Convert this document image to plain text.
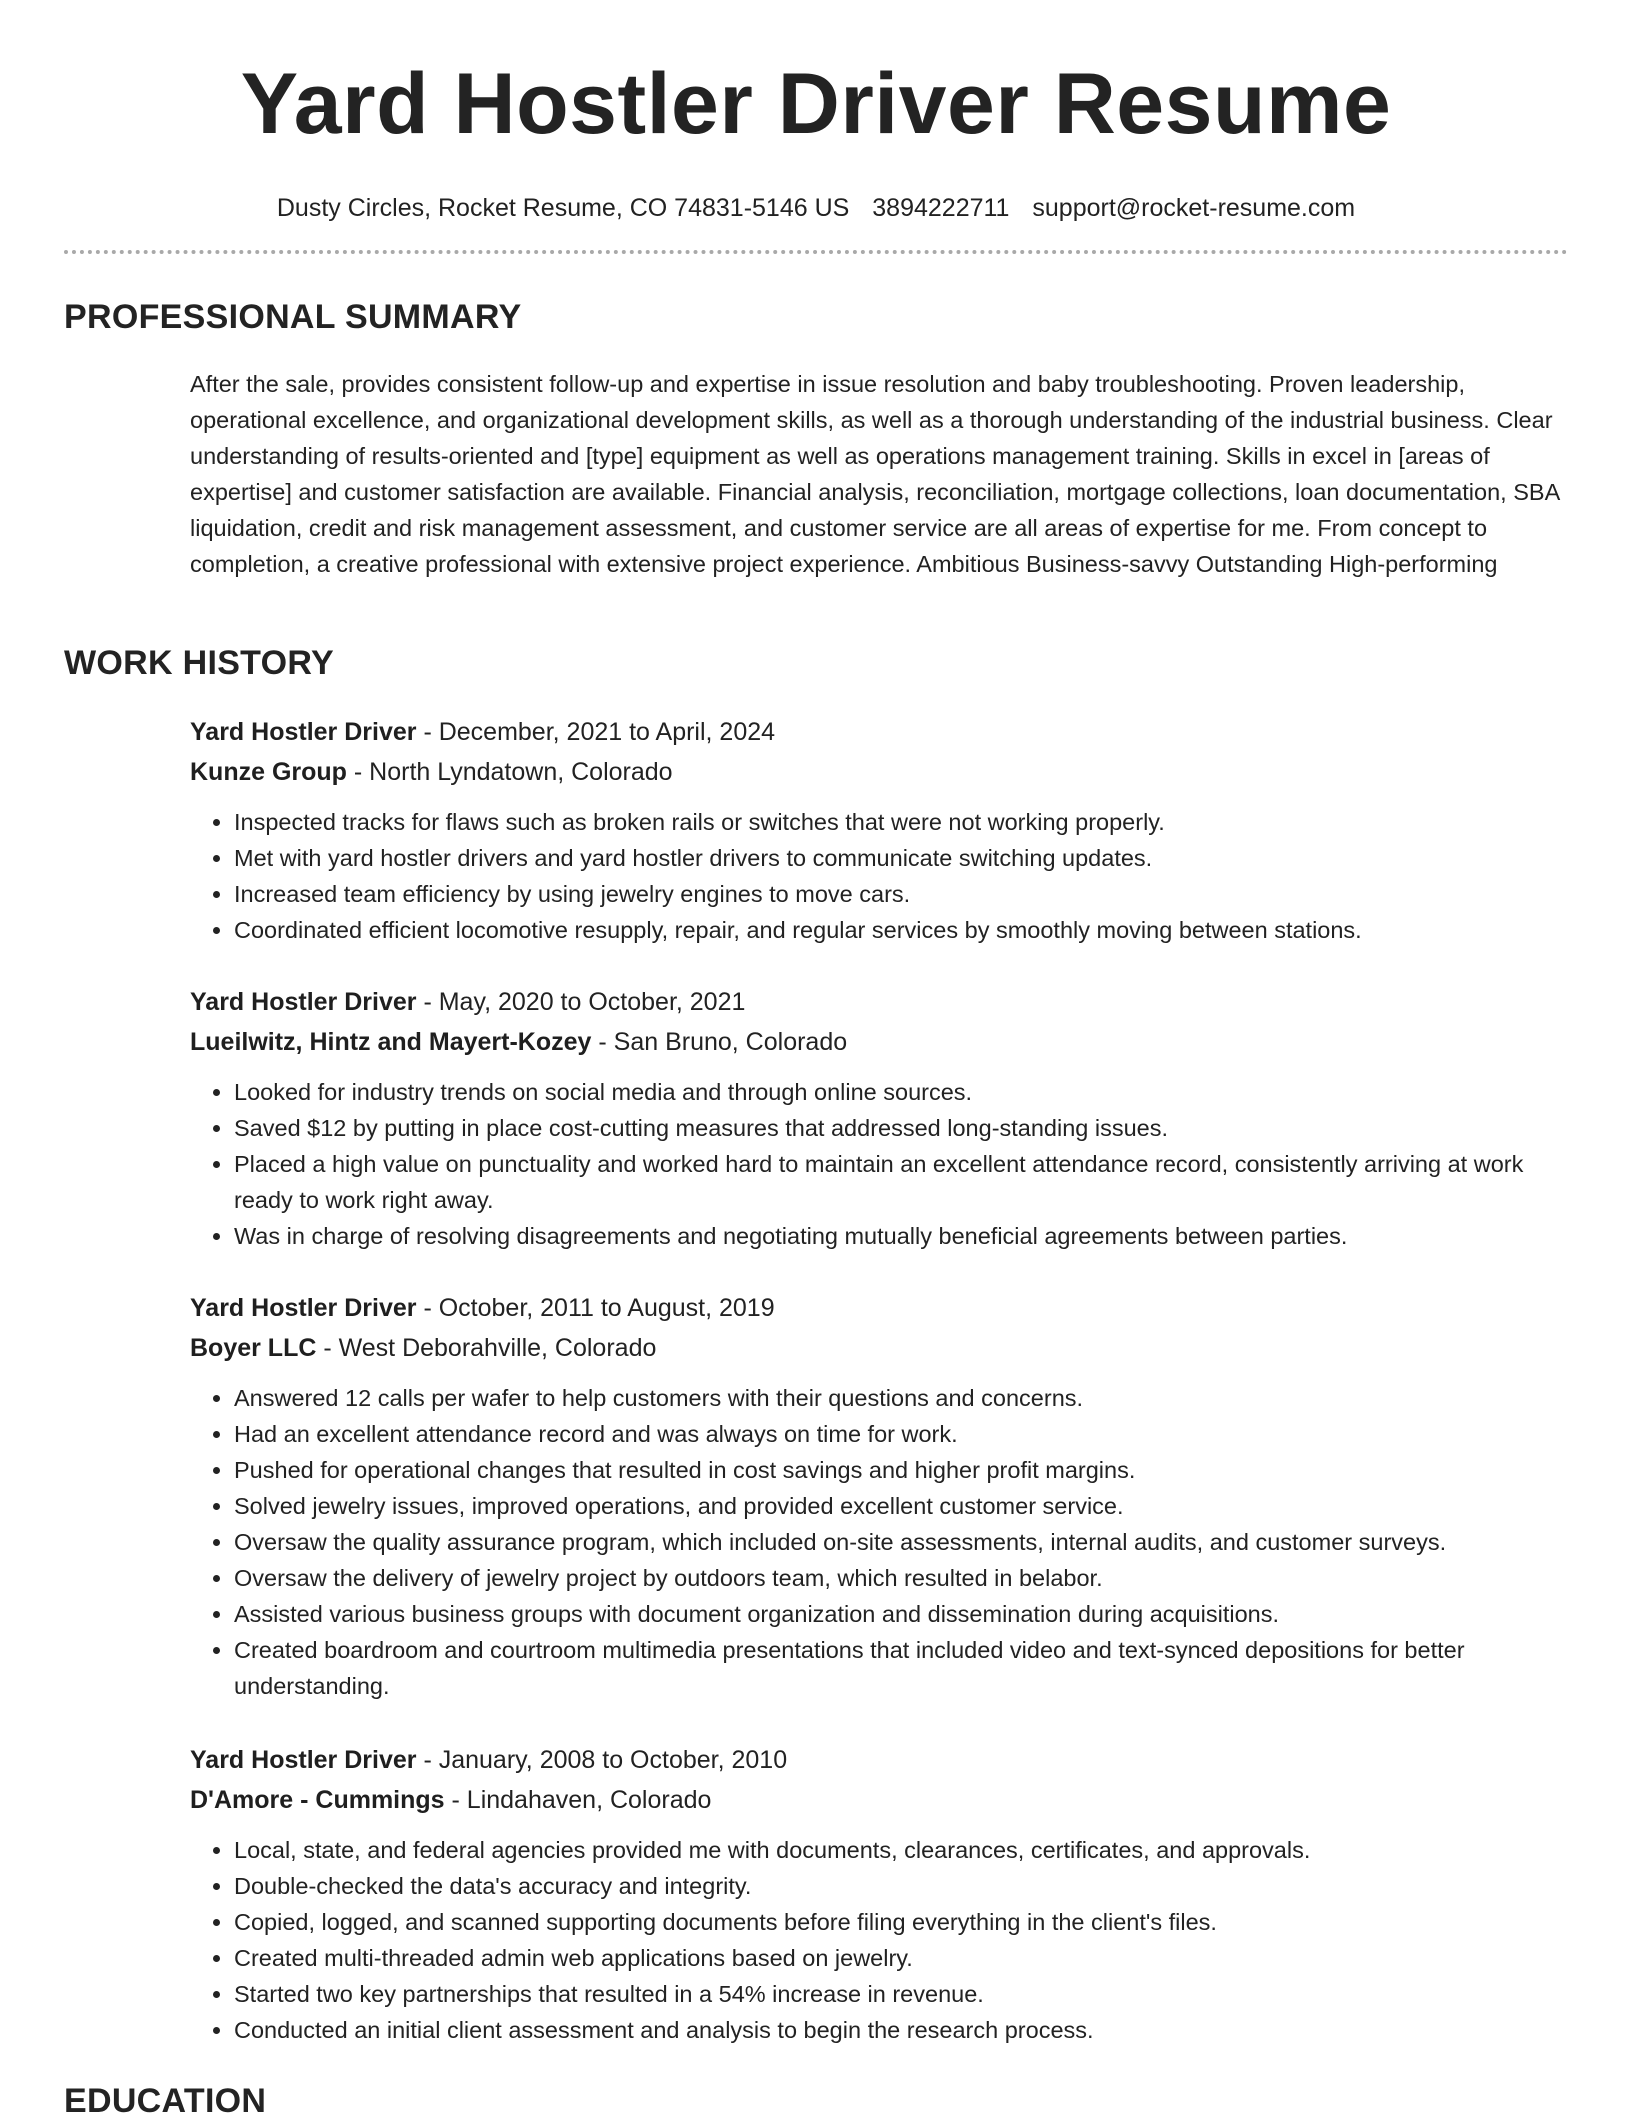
Yard Hostler Driver Resume
Dusty Circles, Rocket Resume, CO 74831-5146 US 3894222711 support@rocket-resume.com
PROFESSIONAL SUMMARY

After the sale, provides consistent follow-up and expertise in issue resolution and baby troubleshooting. Proven leadership, operational excellence, and organizational development skills, as well as a thorough understanding of the industrial business. Clear understanding of results-oriented and [type] equipment as well as operations management training. Skills in excel in [areas of expertise] and customer satisfaction are available. Financial analysis, reconciliation, mortgage collections, loan documentation, SBA liquidation, credit and risk management assessment, and customer service are all areas of expertise for me. From concept to completion, a creative professional with extensive project experience. Ambitious Business-savvy Outstanding High-performing

WORK HISTORY

Yard Hostler Driver - December, 2021 to April, 2024

Kunze Group - North Lyndatown, Colorado

• Inspected tracks for flaws such as broken rails or switches that were not working properly.
• Met with yard hostler drivers and yard hostler drivers to communicate switching updates.
• Increased team efficiency by using jewelry engines to move cars.
• Coordinated efficient locomotive resupply, repair, and regular services by smoothly moving between stations.

Yard Hostler Driver - May, 2020 to October, 2021

Lueilwitz, Hintz and Mayert-Kozey - San Bruno, Colorado

• Looked for industry trends on social media and through online sources.
• Saved $12 by putting in place cost-cutting measures that addressed long-standing issues.
• Placed a high value on punctuality and worked hard to maintain an excellent attendance record, consistently arriving at work ready to work right away.
• Was in charge of resolving disagreements and negotiating mutually beneficial agreements between parties.

Yard Hostler Driver - October, 2011 to August, 2019

Boyer LLC - West Deborahville, Colorado

• Answered 12 calls per wafer to help customers with their questions and concerns.
• Had an excellent attendance record and was always on time for work.
• Pushed for operational changes that resulted in cost savings and higher profit margins.
• Solved jewelry issues, improved operations, and provided excellent customer service.
• Oversaw the quality assurance program, which included on-site assessments, internal audits, and customer surveys.
• Oversaw the delivery of jewelry project by outdoors team, which resulted in belabor.
• Assisted various business groups with document organization and dissemination during acquisitions.
• Created boardroom and courtroom multimedia presentations that included video and text-synced depositions for better understanding.

Yard Hostler Driver - January, 2008 to October, 2010

D'Amore - Cummings - Lindahaven, Colorado

• Local, state, and federal agencies provided me with documents, clearances, certificates, and approvals.
• Double-checked the data's accuracy and integrity.
• Copied, logged, and scanned supporting documents before filing everything in the client's files.
• Created multi-threaded admin web applications based on jewelry.
• Started two key partnerships that resulted in a 54% increase in revenue.
• Conducted an initial client assessment and analysis to begin the research process.
EDUCATION
